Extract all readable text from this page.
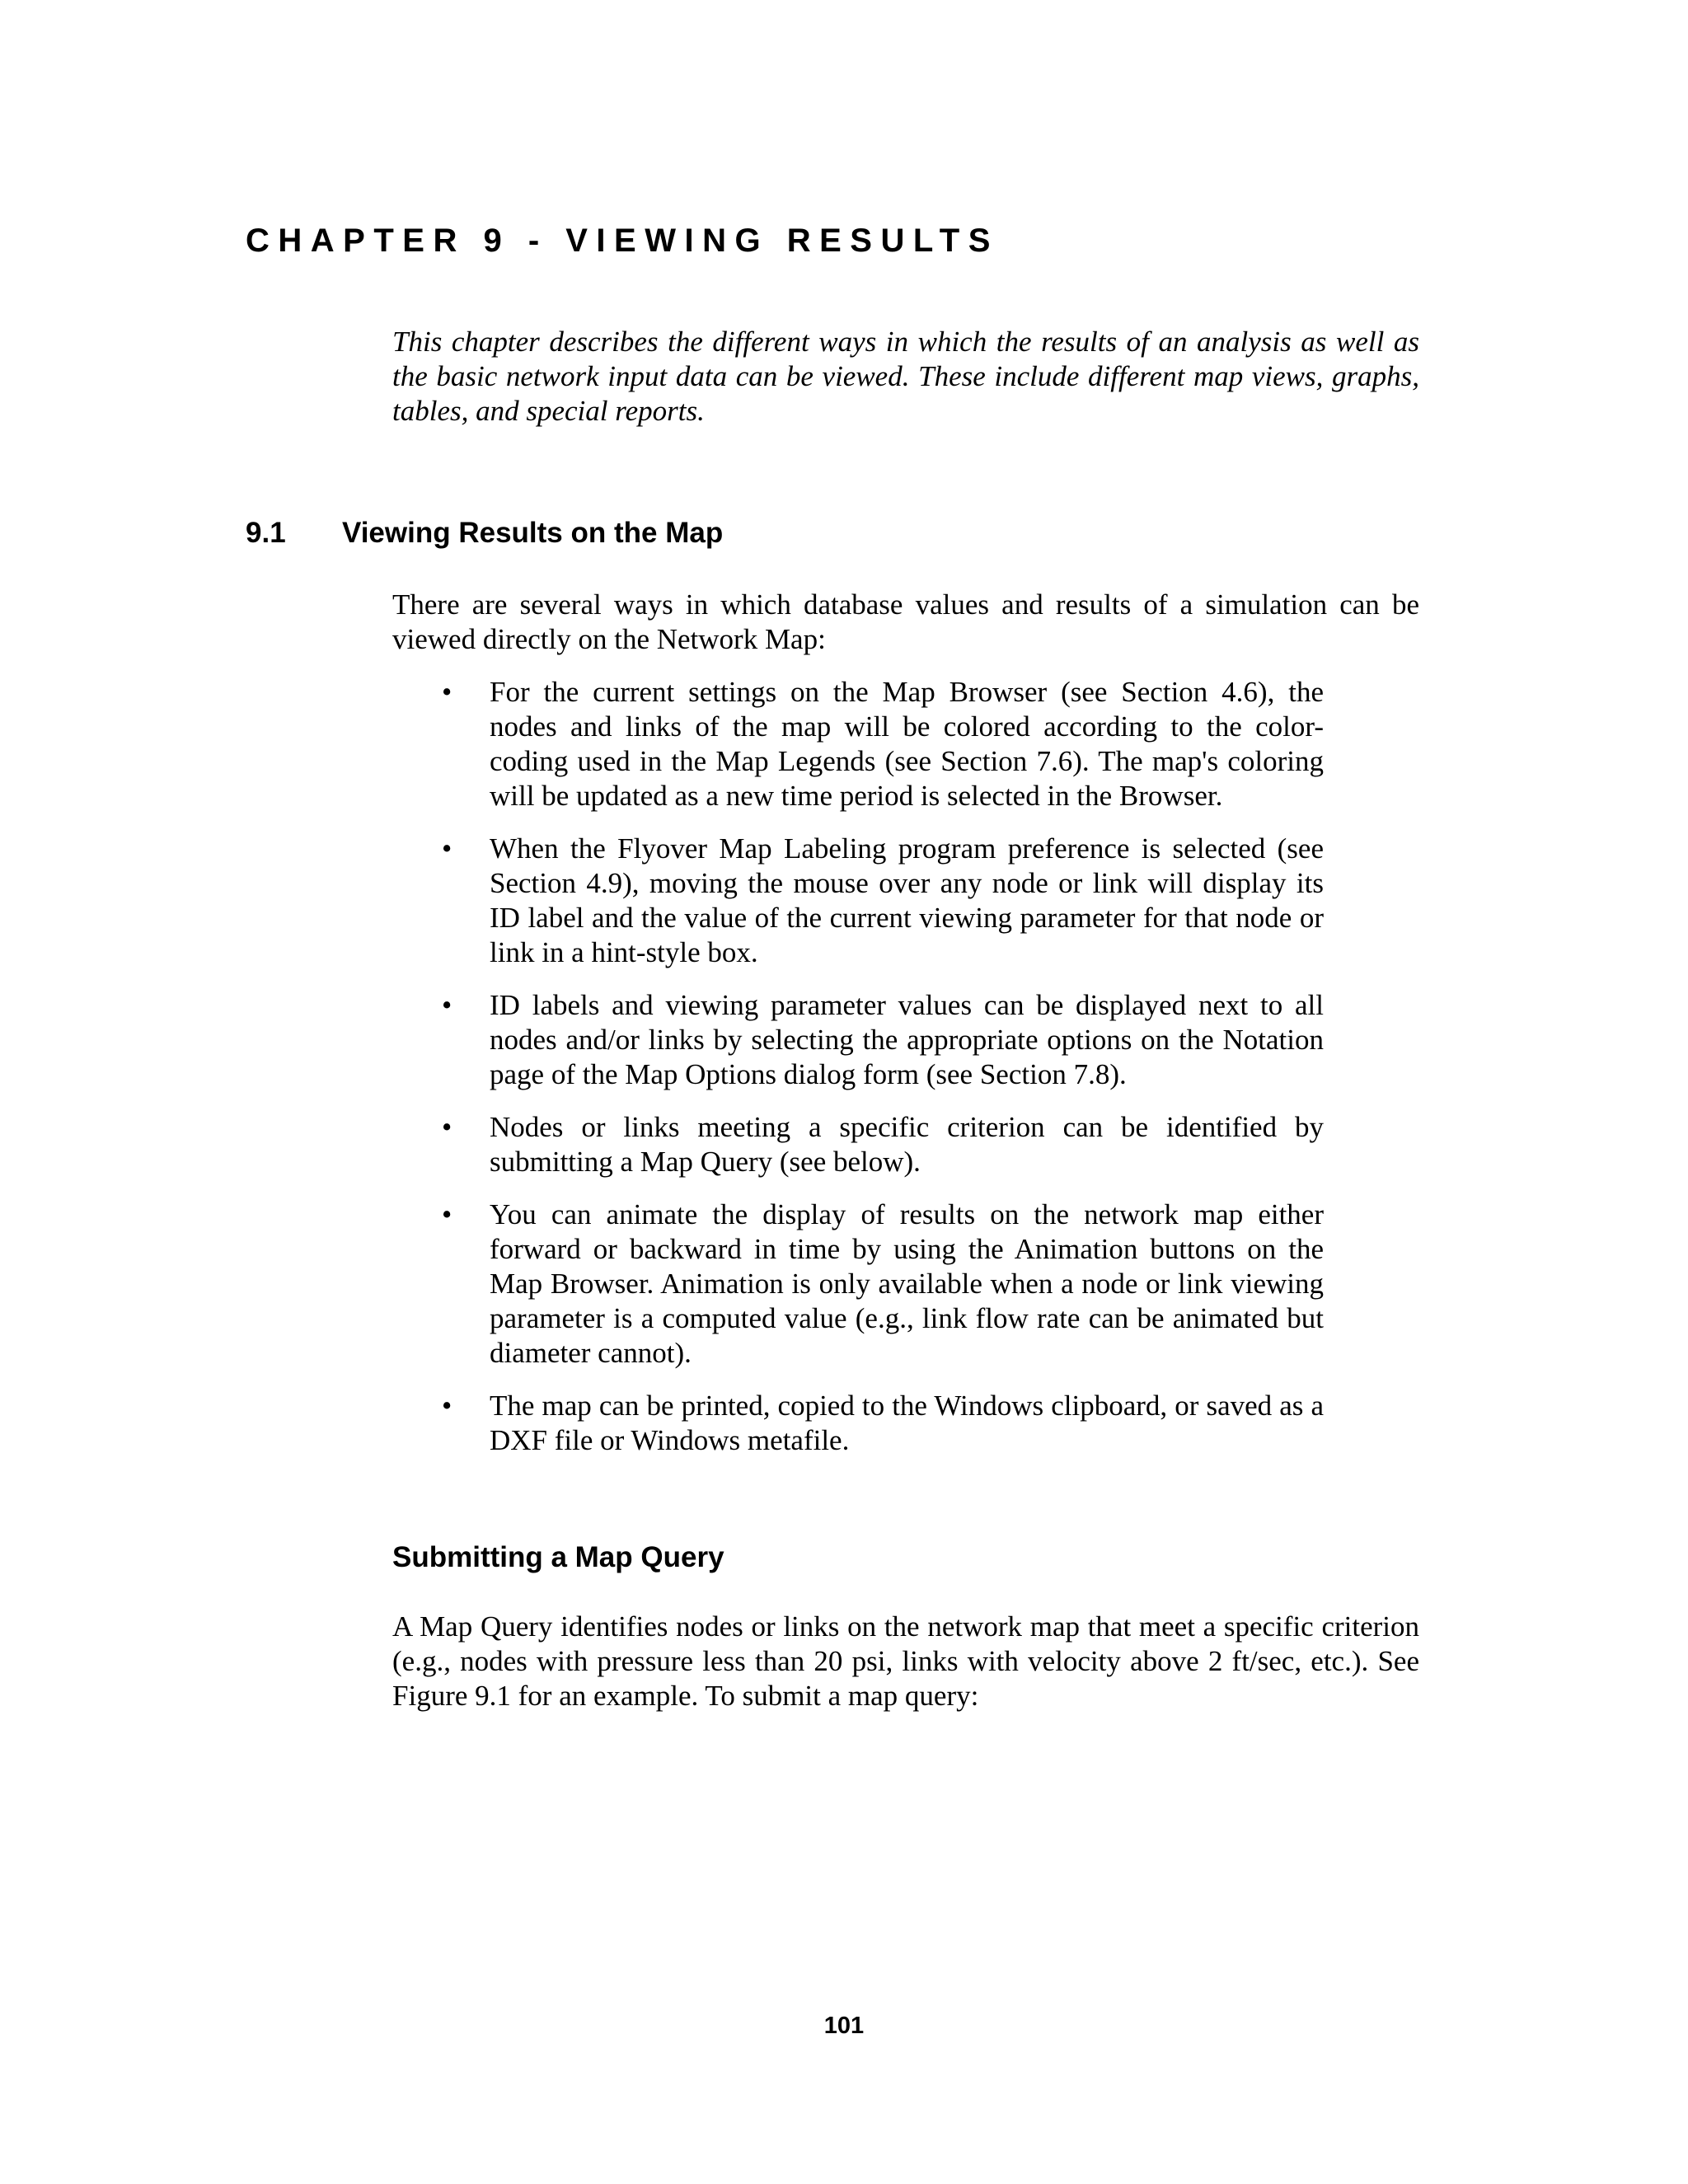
CHAPTER 9 - VIEWING RESULTS

This chapter describes the different ways in which the results of an analysis as well as the basic network input data can be viewed. These include different map views, graphs, tables, and special reports.

9.1 Viewing Results on the Map

There are several ways in which database values and results of a simulation can be viewed directly on the Network Map:

• For the current settings on the Map Browser (see Section 4.6), the nodes and links of the map will be colored according to the color-coding used in the Map Legends (see Section 7.6). The map's coloring will be updated as a new time period is selected in the Browser.
• When the Flyover Map Labeling program preference is selected (see Section 4.9), moving the mouse over any node or link will display its ID label and the value of the current viewing parameter for that node or link in a hint-style box.
• ID labels and viewing parameter values can be displayed next to all nodes and/or links by selecting the appropriate options on the Notation page of the Map Options dialog form (see Section 7.8).
• Nodes or links meeting a specific criterion can be identified by submitting a Map Query (see below).
• You can animate the display of results on the network map either forward or backward in time by using the Animation buttons on the Map Browser. Animation is only available when a node or link viewing parameter is a computed value (e.g., link flow rate can be animated but diameter cannot).
• The map can be printed, copied to the Windows clipboard, or saved as a DXF file or Windows metafile.
Submitting a Map Query

A Map Query identifies nodes or links on the network map that meet a specific criterion (e.g., nodes with pressure less than 20 psi, links with velocity above 2 ft/sec, etc.). See Figure 9.1 for an example. To submit a map query:

101
